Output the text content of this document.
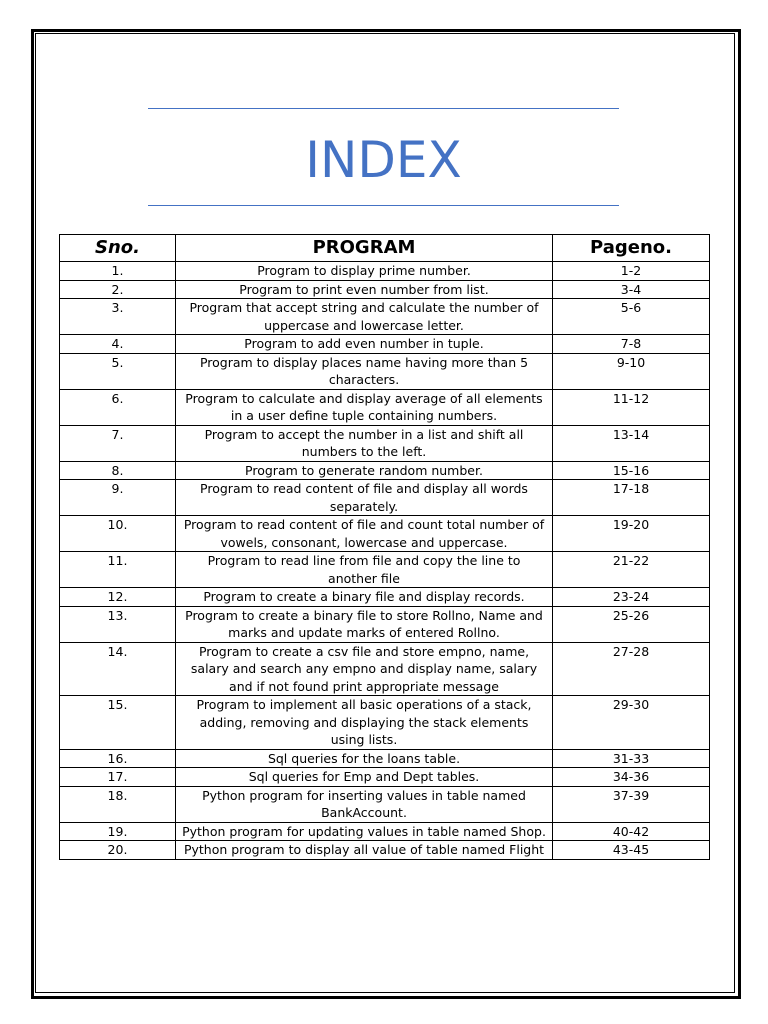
INDEX
Sno.	PROGRAM	Pageno.
1.	Program to display prime number.	1-2
2.	Program to print even number from list.	3-4
3.	Program that accept string and calculate the number of uppercase and lowercase letter.	5-6
4.	Program to add even number in tuple.	7-8
5.	Program to display places name having more than 5 characters.	9-10
6.	Program to calculate and display average of all elements in a user define tuple containing numbers.	11-12
7.	Program to accept the number in a list and shift all numbers to the left.	13-14
8.	Program to generate random number.	15-16
9.	Program to read content of file and display all words separately.	17-18
10.	Program to read content of file and count total number of vowels, consonant, lowercase and uppercase.	19-20
11.	Program to read line from file and copy the line to another file	21-22
12.	Program to create a binary file and display records.	23-24
13.	Program to create a binary file to store Rollno, Name and marks and update marks of entered Rollno.	25-26
14.	Program to create a csv file and store empno, name, salary and search any empno and display name, salary and if not found print appropriate message	27-28
15.	Program to implement all basic operations of a stack, adding, removing and displaying the stack elements using lists.	29-30
16.	Sql queries for the loans table.	31-33
17.	Sql queries for Emp and Dept tables.	34-36
18.	Python program for inserting values in table named BankAccount.	37-39
19.	Python program for updating values in table named Shop.	40-42
20.	Python program to display all value of table named Flight	43-45
